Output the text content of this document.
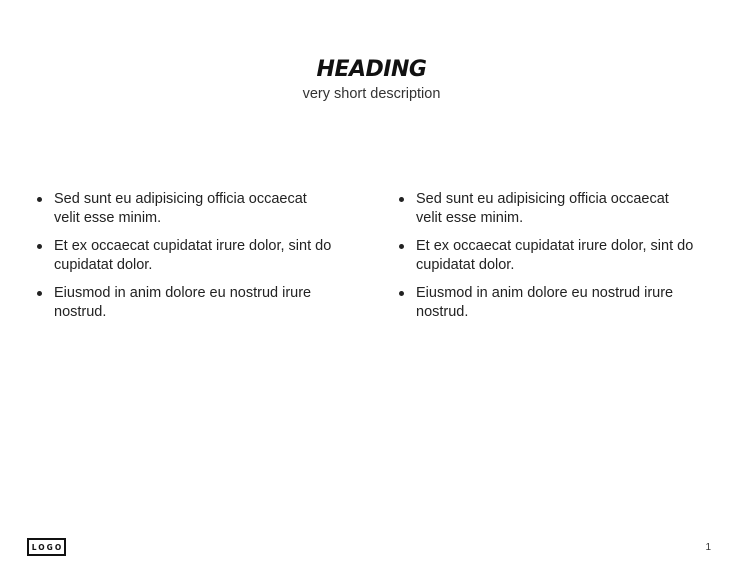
HEADING
very short description
Sed sunt eu adipisicing officia occaecat velit esse minim.
Et ex occaecat cupidatat irure dolor, sint do cupidatat dolor.
Eiusmod in anim dolore eu nostrud irure nostrud.
Sed sunt eu adipisicing officia occaecat velit esse minim.
Et ex occaecat cupidatat irure dolor, sint do cupidatat dolor.
Eiusmod in anim dolore eu nostrud irure nostrud.
LOGO	1
